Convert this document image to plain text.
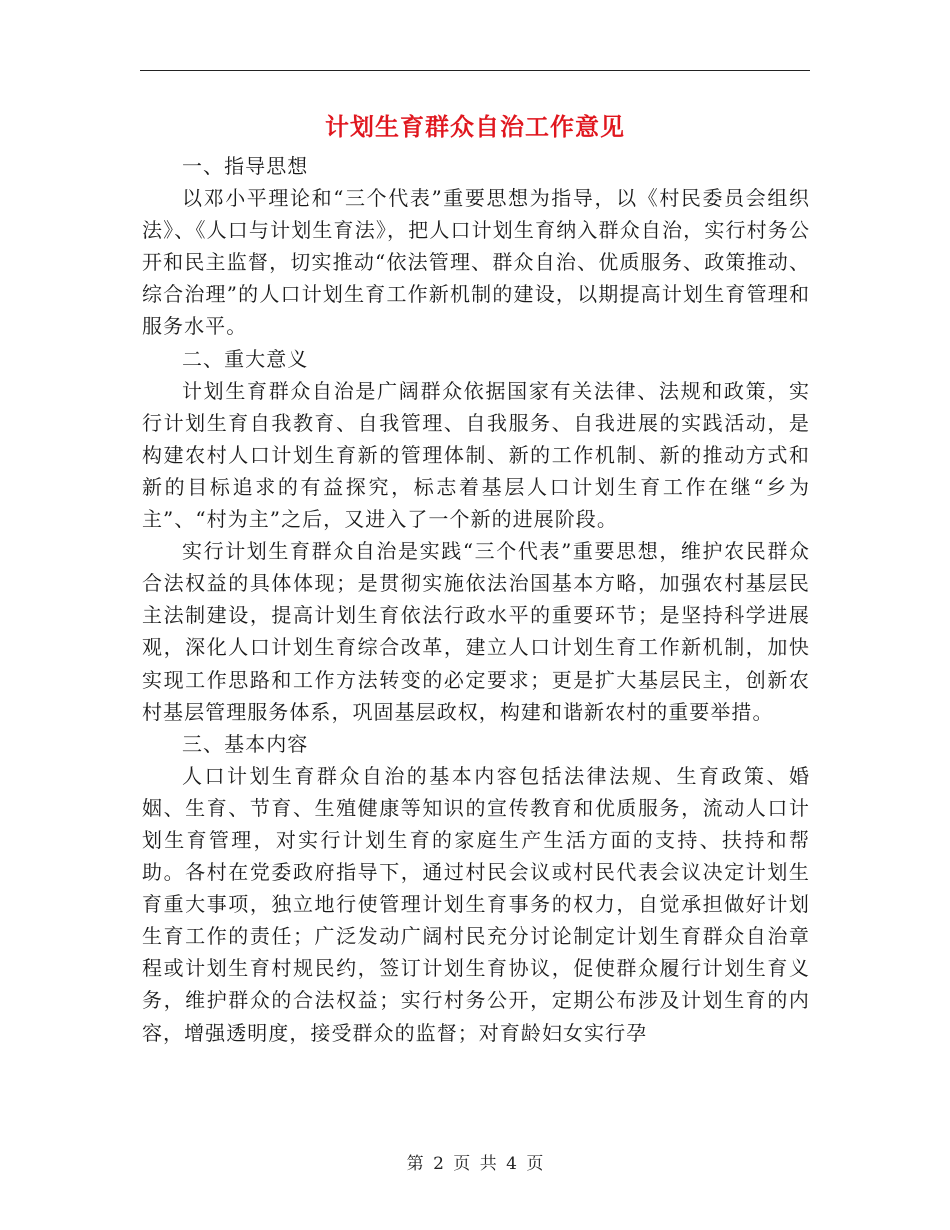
计划生育群众自治工作意见

一、指导思想

以邓小平理论和“三个代表”重要思想为指导，以《村民委员会组织法》、《人口与计划生育法》，把人口计划生育纳入群众自治，实行村务公开和民主监督，切实推动“依法管理、群众自治、优质服务、政策推动、综合治理”的人口计划生育工作新机制的建设，以期提高计划生育管理和服务水平。

二、重大意义

计划生育群众自治是广阔群众依据国家有关法律、法规和政策，实行计划生育自我教育、自我管理、自我服务、自我进展的实践活动，是构建农村人口计划生育新的管理体制、新的工作机制、新的推动方式和新的目标追求的有益探究，标志着基层人口计划生育工作在继“乡为主”、“村为主”之后，又进入了一个新的进展阶段。

实行计划生育群众自治是实践“三个代表”重要思想，维护农民群众合法权益的具体体现；是贯彻实施依法治国基本方略，加强农村基层民主法制建设，提高计划生育依法行政水平的重要环节；是坚持科学进展观，深化人口计划生育综合改革，建立人口计划生育工作新机制，加快实现工作思路和工作方法转变的必定要求；更是扩大基层民主，创新农村基层管理服务体系，巩固基层政权，构建和谐新农村的重要举措。

三、基本内容

人口计划生育群众自治的基本内容包括法律法规、生育政策、婚姻、生育、节育、生殖健康等知识的宣传教育和优质服务，流动人口计划生育管理，对实行计划生育的家庭生产生活方面的支持、扶持和帮助。各村在党委政府指导下，通过村民会议或村民代表会议决定计划生育重大事项，独立地行使管理计划生育事务的权力，自觉承担做好计划生育工作的责任；广泛发动广阔村民充分讨论制定计划生育群众自治章程或计划生育村规民约，签订计划生育协议，促使群众履行计划生育义务，维护群众的合法权益；实行村务公开，定期公布涉及计划生育的内容，增强透明度，接受群众的监督；对育龄妇女实行孕

第 2 页 共 4 页
